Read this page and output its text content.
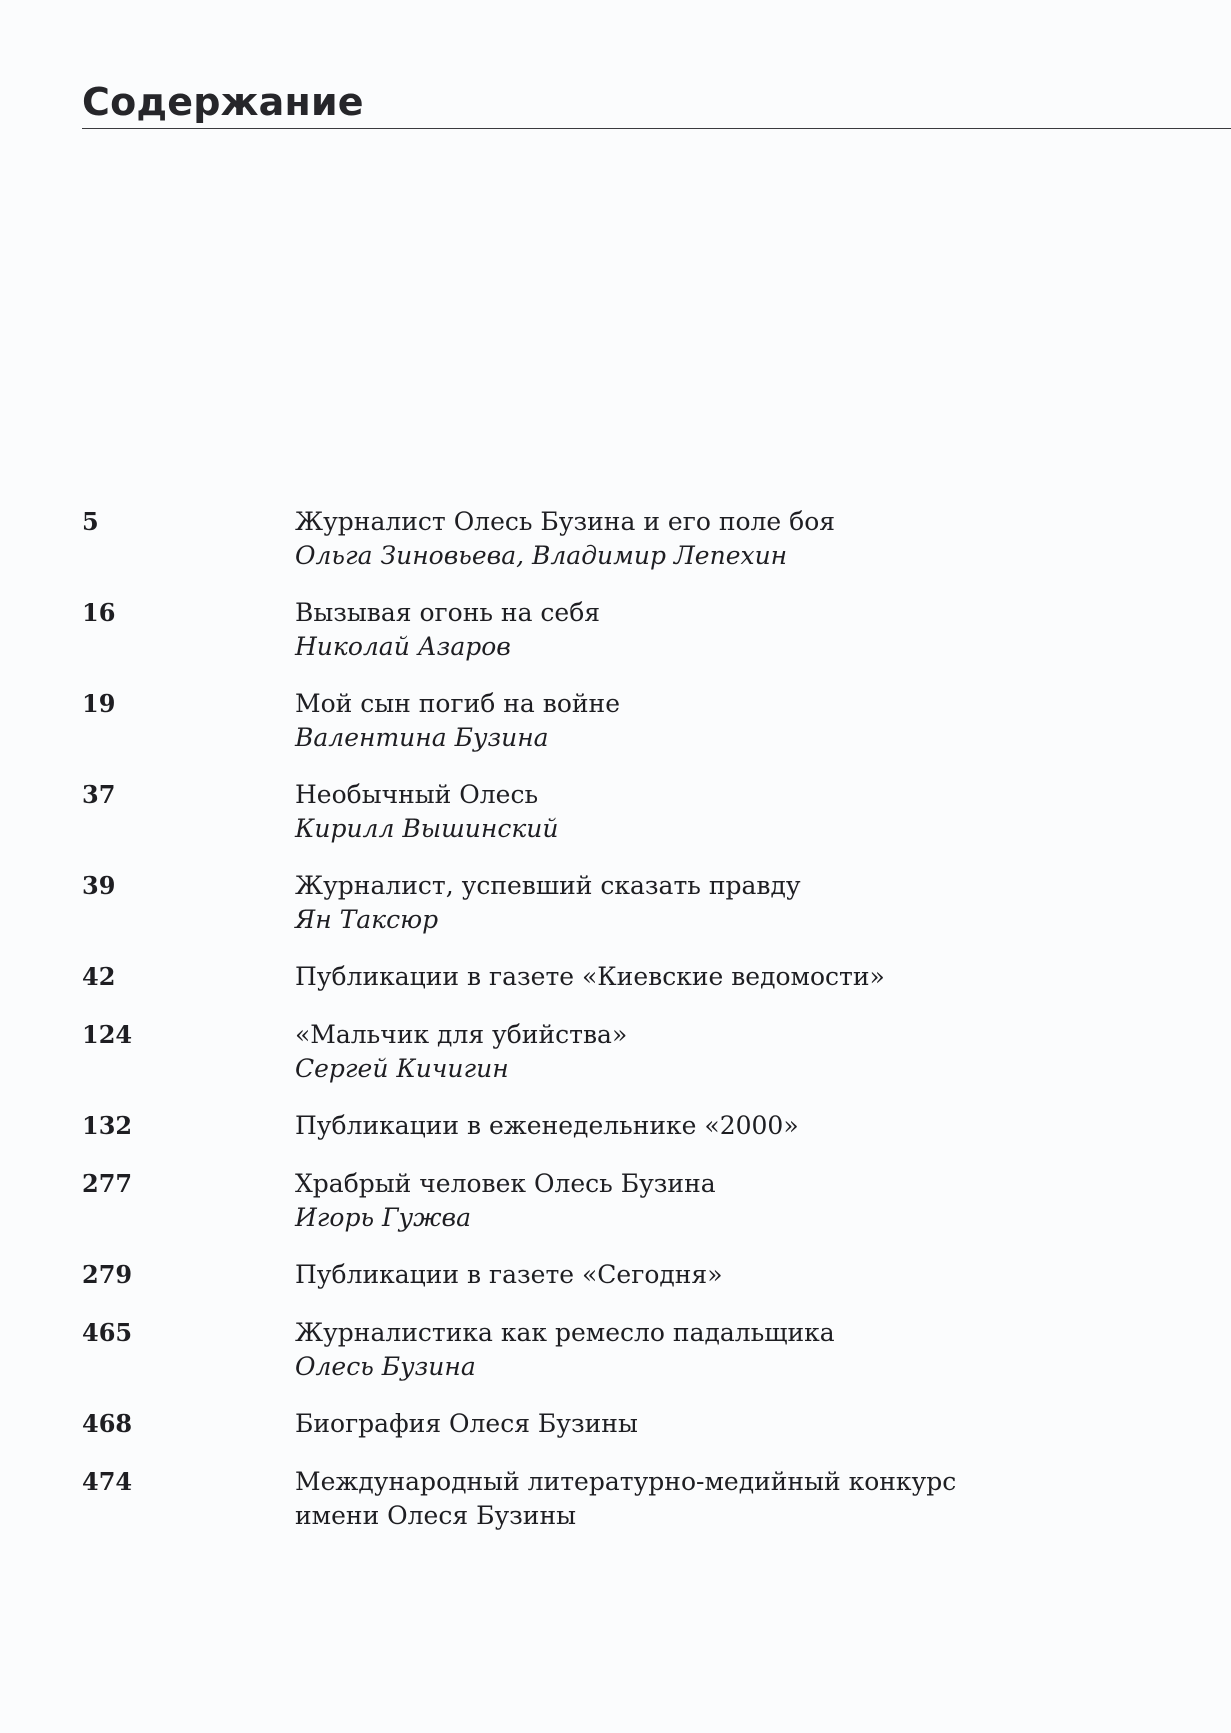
Содержание
5	Журналист Олесь Бузина и его поле боя
Ольга Зиновьева, Владимир Лепехин
16	Вызывая огонь на себя
Николай Азаров
19	Мой сын погиб на войне
Валентина Бузина
37	Необычный Олесь
Кирилл Вышинский
39	Журналист, успевший сказать правду
Ян Таксюр
42	Публикации в газете «Киевские ведомости»
124	«Мальчик для убийства»
Сергей Кичигин
132	Публикации в еженедельнике «2000»
277	Храбрый человек Олесь Бузина
Игорь Гужва
279	Публикации в газете «Сегодня»
465	Журналистика как ремесло падальщика
Олесь Бузина
468	Биография Олеся Бузины
474	Международный литературно-медийный конкурс
имени Олеся Бузины
